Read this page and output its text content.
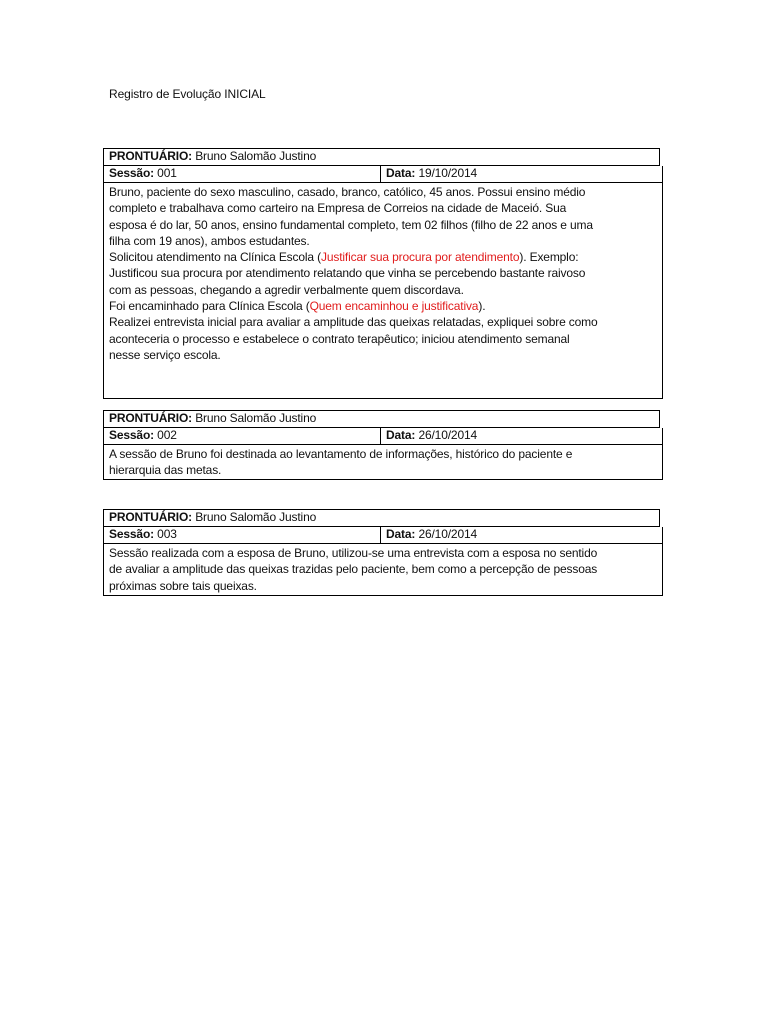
Registro de Evolução INICIAL
PRONTUÁRIO: Bruno Salomão Justino
Sessão: 001	Data: 19/10/2014

Bruno, paciente do sexo masculino, casado, branco, católico, 45 anos. Possui ensino médio

completo e trabalhava como carteiro na Empresa de Correios na cidade de Maceió. Sua

esposa é do lar, 50 anos, ensino fundamental completo, tem 02 filhos (filho de 22 anos e uma

filha com 19 anos), ambos estudantes.

Solicitou atendimento na Clínica Escola (Justificar sua procura por atendimento). Exemplo:

Justificou sua procura por atendimento relatando que vinha se percebendo bastante raivoso

com as pessoas, chegando a agredir verbalmente quem discordava.

Foi encaminhado para Clínica Escola (Quem encaminhou e justificativa).

Realizei entrevista inicial para avaliar a amplitude das queixas relatadas, expliquei sobre como

aconteceria o processo e estabelece o contrato terapêutico; iniciou atendimento semanal

nesse serviço escola.

PRONTUÁRIO: Bruno Salomão Justino
Sessão: 002	Data: 26/10/2014

A sessão de Bruno foi destinada ao levantamento de informações, histórico do paciente e

hierarquia das metas.

PRONTUÁRIO: Bruno Salomão Justino
Sessão: 003	Data: 26/10/2014

Sessão realizada com a esposa de Bruno, utilizou-se uma entrevista com a esposa no sentido

de avaliar a amplitude das queixas trazidas pelo paciente, bem como a percepção de pessoas

próximas sobre tais queixas.
